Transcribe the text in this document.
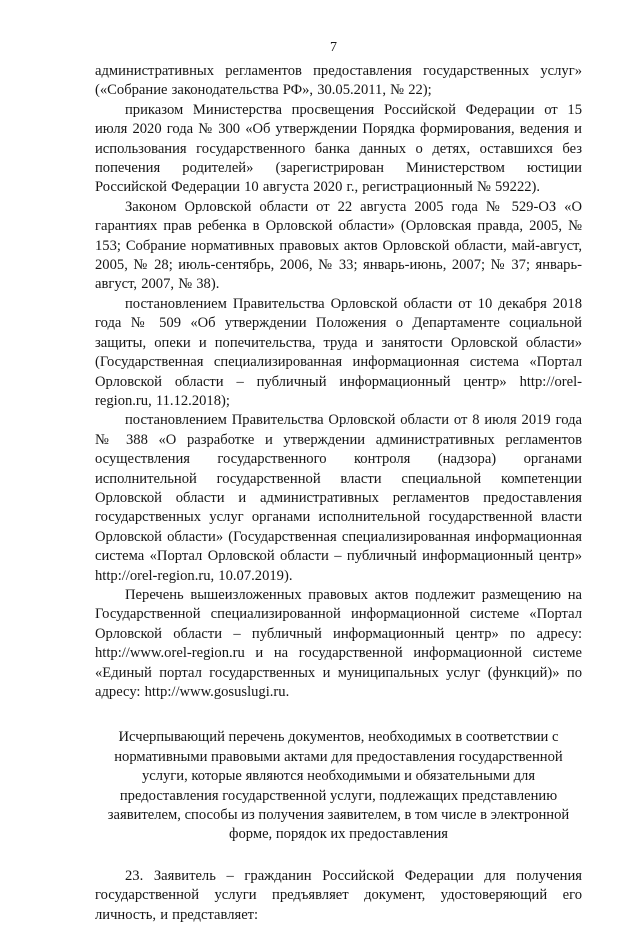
7

административных регламентов предоставления государственных услуг» («Собрание законодательства РФ», 30.05.2011, № 22);

приказом Министерства просвещения Российской Федерации от 15 июля 2020 года № 300 «Об утверждении Порядка формирования, ведения и использования государственного банка данных о детях, оставшихся без попечения родителей» (зарегистрирован Министерством юстиции Российской Федерации 10 августа 2020 г., регистрационный № 59222).

Законом Орловской области от 22 августа 2005 года № 529-ОЗ «О гарантиях прав ребенка в Орловской области» (Орловская правда, 2005, № 153; Собрание нормативных правовых актов Орловской области, май-август, 2005, № 28; июль-сентябрь, 2006, № 33; январь-июнь, 2007; № 37; январь-август, 2007, № 38).

постановлением Правительства Орловской области от 10 декабря 2018 года № 509 «Об утверждении Положения о Департаменте социальной защиты, опеки и попечительства, труда и занятости Орловской области» (Государственная специализированная информационная система «Портал Орловской области – публичный информационный центр» http://orel-region.ru, 11.12.2018);

постановлением Правительства Орловской области от 8 июля 2019 года № 388 «О разработке и утверждении административных регламентов осуществления государственного контроля (надзора) органами исполнительной государственной власти специальной компетенции Орловской области и административных регламентов предоставления государственных услуг органами исполнительной государственной власти Орловской области» (Государственная специализированная информационная система «Портал Орловской области – публичный информационный центр» http://orel-region.ru, 10.07.2019).

Перечень вышеизложенных правовых актов подлежит размещению на Государственной специализированной информационной системе «Портал Орловской области – публичный информационный центр» по адресу: http://www.orel-region.ru и на государственной информационной системе «Единый портал государственных и муниципальных услуг (функций)» по адресу: http://www.gosuslugi.ru.

Исчерпывающий перечень документов, необходимых в соответствии с нормативными правовыми актами для предоставления государственной услуги, которые являются необходимыми и обязательными для предоставления государственной услуги, подлежащих представлению заявителем, способы из получения заявителем, в том числе в электронной форме, порядок их предоставления

23. Заявитель – гражданин Российской Федерации для получения государственной услуги предъявляет документ, удостоверяющий его личность, и представляет:
